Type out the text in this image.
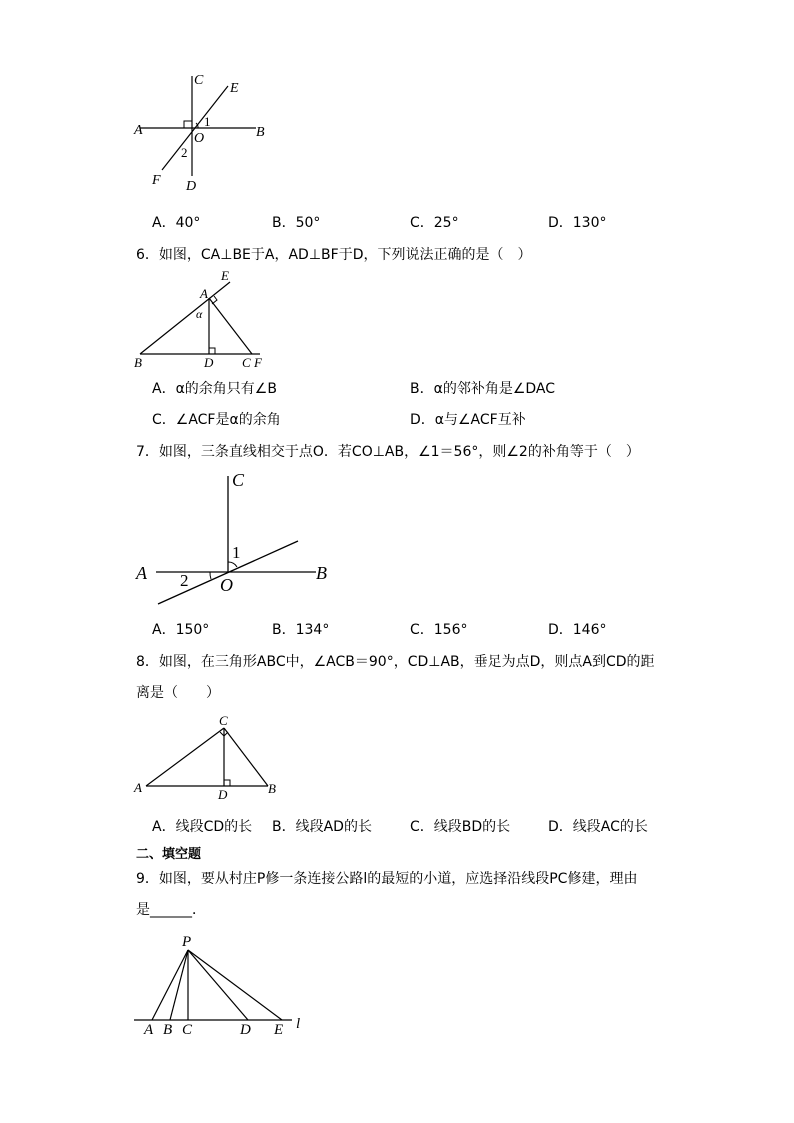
C
E
A	B
O
1
2
F D
A．40°	B．50°	C．25°	D．130°
6．如图，CA⊥BE于A，AD⊥BF于D，下列说法正确的是（　）
E
A
α
B	D C F
A．α的余角只有∠B	B．α的邻补角是∠DAC
C．∠ACF是α的余角	D．α与∠ACF互补
7．如图，三条直线相交于点O．若CO⊥AB，∠1＝56°，则∠2的补角等于（　）
C
1
A	B
O
2
A．150°	B．134°	C．156°	D．146°
8．如图，在三角形ABC中，∠ACB＝90°，CD⊥AB，垂足为点D，则点A到CD的距
离是（　　）
C
A	D	B
A．线段CD的长 B．线段AD的长	C．线段BD的长	D．线段AC的长
二、填空题
9．如图，要从村庄P修一条连接公路l的最短的小道，应选择沿线段PC修建，理由
是______．
P
A B C	D E l
